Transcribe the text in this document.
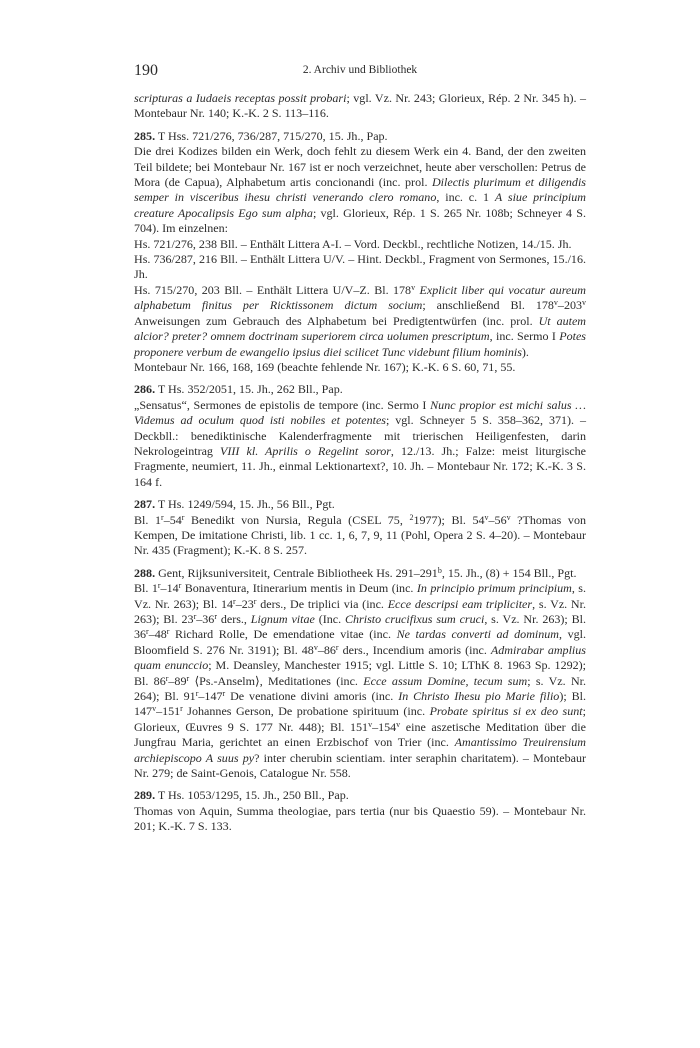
190	2. Archiv und Bibliothek

scripturas a Iudaeis receptas possit probari; vgl. Vz. Nr. 243; Glorieux, Rép. 2 Nr. 345 h). – Montebaur Nr. 140; K.-K. 2 S. 113–116.

285. T Hss. 721/276, 736/287, 715/270, 15. Jh., Pap.

Die drei Kodizes bilden ein Werk, doch fehlt zu diesem Werk ein 4. Band, der den zweiten Teil bildete; bei Montebaur Nr. 167 ist er noch verzeichnet, heute aber verschollen: Petrus de Mora (de Capua), Alphabetum artis concionandi (inc. prol. Dilectis plurimum et diligendis semper in visceribus ihesu christi venerando clero romano, inc. c. 1 A siue principium creature Apocalipsis Ego sum alpha; vgl. Glorieux, Rép. 1 S. 265 Nr. 108b; Schneyer 4 S. 704). Im einzelnen:

Hs. 721/276, 238 Bll. – Enthält Littera A-I. – Vord. Deckbl., rechtliche Notizen, 14./15. Jh.

Hs. 736/287, 216 Bll. – Enthält Littera U/V. – Hint. Deckbl., Fragment von Sermones, 15./16. Jh.

Hs. 715/270, 203 Bll. – Enthält Littera U/V–Z. Bl. 178$^v$ Explicit liber qui vocatur aureum alphabetum finitus per Ricktissonem dictum socium; anschließend Bl. 178$^v$–203$^v$ Anweisungen zum Gebrauch des Alphabetum bei Predigtentwürfen (inc. prol. Ut autem alcior? preter? omnem doctrinam superiorem circa uolumen prescriptum, inc. Sermo I Potes proponere verbum de ewangelio ipsius diei scilicet Tunc videbunt filium hominis).

Montebaur Nr. 166, 168, 169 (beachte fehlende Nr. 167); K.-K. 6 S. 60, 71, 55.

286. T Hs. 352/2051, 15. Jh., 262 Bll., Pap.

„Sensatus“, Sermones de epistolis de tempore (inc. Sermo I Nunc propior est michi salus … Videmus ad oculum quod isti nobiles et potentes; vgl. Schneyer 5 S. 358–362, 371). – Deckbll.: benediktinische Kalenderfragmente mit trierischen Heiligenfesten, darin Nekrologeintrag VIII kl. Aprilis o Regelint soror, 12./13. Jh.; Falze: meist liturgische Fragmente, neumiert, 11. Jh., einmal Lektionartext?, 10. Jh. – Montebaur Nr. 172; K.-K. 3 S. 164 f.

287. T Hs. 1249/594, 15. Jh., 56 Bll., Pgt.

Bl. 1$^r$–54$^r$ Benedikt von Nursia, Regula (CSEL 75, $^2$1977); Bl. 54$^v$–56$^v$ ?Thomas von Kempen, De imitatione Christi, lib. 1 cc. 1, 6, 7, 9, 11 (Pohl, Opera 2 S. 4–20). – Montebaur Nr. 435 (Fragment); K.-K. 8 S. 257.

288. Gent, Rijksuniversiteit, Centrale Bibliotheek Hs. 291–291$^b$, 15. Jh., (8) + 154 Bll., Pgt.

Bl. 1$^r$–14$^r$ Bonaventura, Itinerarium mentis in Deum (inc. In principio primum principium, s. Vz. Nr. 263); Bl. 14$^r$–23$^r$ ders., De triplici via (inc. Ecce descripsi eam tripliciter, s. Vz. Nr. 263); Bl. 23$^r$–36$^r$ ders., Lignum vitae (Inc. Christo crucifixus sum cruci, s. Vz. Nr. 263); Bl. 36$^r$–48$^r$ Richard Rolle, De emendatione vitae (inc. Ne tardas converti ad dominum, vgl. Bloomfield S. 276 Nr. 3191); Bl. 48$^v$–86$^r$ ders., Incendium amoris (inc. Admirabar amplius quam enunccio; M. Deansley, Manchester 1915; vgl. Little S. 10; LThK 8. 1963 Sp. 1292); Bl. 86$^r$–89$^r$ ⟨Ps.-Anselm⟩, Meditationes (inc. Ecce assum Domine, tecum sum; s. Vz. Nr. 264); Bl. 91$^r$–147$^r$ De venatione divini amoris (inc. In Christo Ihesu pio Marie filio); Bl. 147$^v$–151$^r$ Johannes Gerson, De probatione spirituum (inc. Probate spiritus si ex deo sunt; Glorieux, Œuvres 9 S. 177 Nr. 448); Bl. 151$^v$–154$^v$ eine aszetische Meditation über die Jungfrau Maria, gerichtet an einen Erzbischof von Trier (inc. Amantissimo Treuirensium archiepiscopo A suus py? inter cherubin scientiam. inter seraphin charitatem). – Montebaur Nr. 279; de Saint-Genois, Catalogue Nr. 558.

289. T Hs. 1053/1295, 15. Jh., 250 Bll., Pap.

Thomas von Aquin, Summa theologiae, pars tertia (nur bis Quaestio 59). – Montebaur Nr. 201; K.-K. 7 S. 133.
